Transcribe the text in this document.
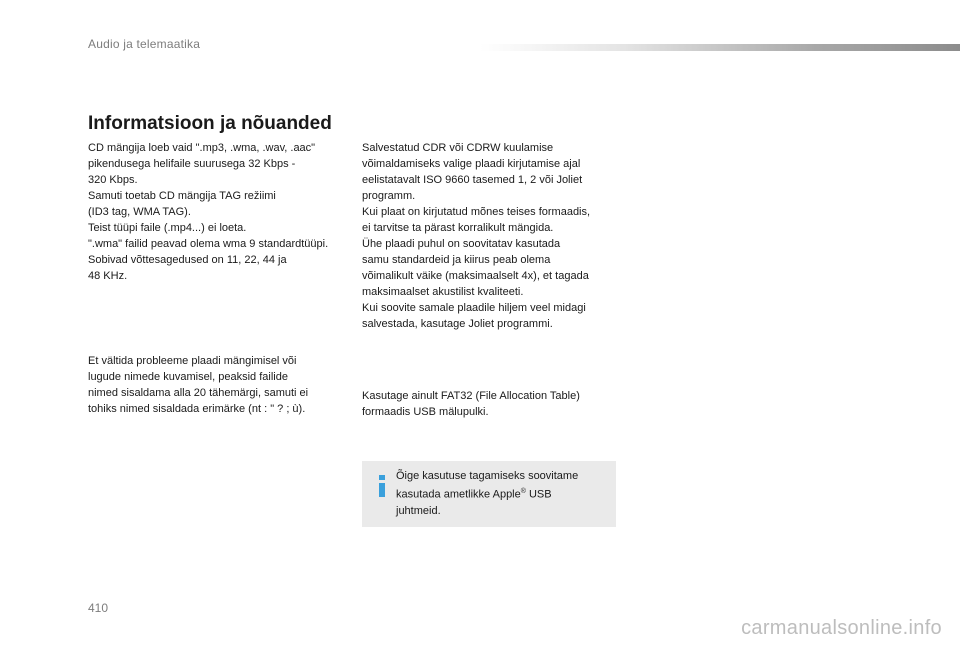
Audio ja telemaatika
Informatsioon ja nõuanded

CD mängija loeb vaid ".mp3, .wma, .wav, .aac"
pikendusega helifaile suurusega 32 Kbps -
320 Kbps.
Samuti toetab CD mängija TAG režiimi
(ID3 tag, WMA TAG).
Teist tüüpi faile (.mp4...) ei loeta.
".wma" failid peavad olema wma 9 standardtüüpi.
Sobivad võttesagedused on 11, 22, 44 ja
48 KHz.

Et vältida probleeme plaadi mängimisel või
lugude nimede kuvamisel, peaksid failide
nimed sisaldama alla 20 tähemärgi, samuti ei
tohiks nimed sisaldada erimärke (nt : " ? ; ù).

Salvestatud CDR või CDRW kuulamise
võimaldamiseks valige plaadi kirjutamise ajal
eelistatavalt ISO 9660 tasemed 1, 2 või Joliet
programm.
Kui plaat on kirjutatud mõnes teises formaadis,
ei tarvitse ta pärast korralikult mängida.
Ühe plaadi puhul on soovitatav kasutada
samu standardeid ja kiirus peab olema
võimalikult väike (maksimaalselt 4x), et tagada
maksimaalset akustilist kvaliteeti.
Kui soovite samale plaadile hiljem veel midagi
salvestada, kasutage Joliet programmi.

Kasutage ainult FAT32 (File Allocation Table)
formaadis USB mälupulki.

Õige kasutuse tagamiseks soovitame
kasutada ametlikke Apple® USB
juhtmeid.

410
carmanualsonline.info
